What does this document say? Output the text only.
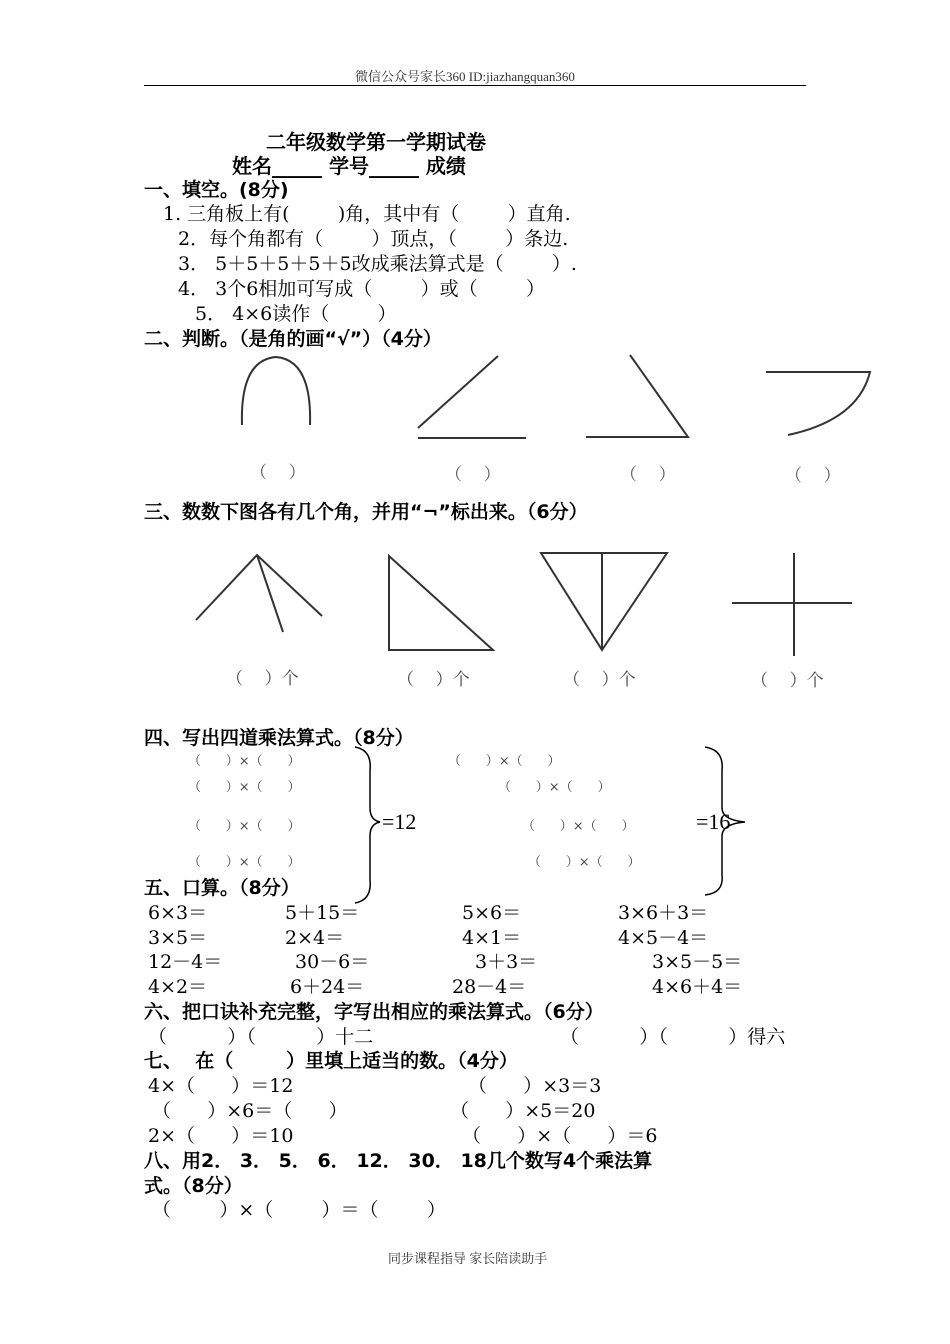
微信公众号家长360 ID:jiazhangquan360
二年级数学第一学期试卷
姓名_____ 学号_____ 成绩
一、填空。(8分)
1. 三角板上有(        )角，其中有（        ）直角.
2．每个角都有（        ）顶点，（        ）条边.
3． 5＋5＋5＋5＋5改成乘法算式是（        ）.
4． 3个6相加可写成（        ）或（        ）
5． 4×6读作（        ）
二、判断。（是角的画“√”）（4分）
（    ）	（    ）	（    ）	（    ）
三、数数下图各有几个角，并用“¬”标出来。（6分）
（    ）个	（    ）个	（    ）个	（    ）个
四、写出四道乘法算式。（8分）
（      ）×（      ）
（      ）×（      ）
（      ）×（      ）
（      ）×（      ）
=12
（      ）×（      ）
（      ）×（      ）
（      ）×（      ）
（      ）×（      ）
=16
五、口算。（8分）
6×3＝	5＋15＝	5×6＝	3×6＋3＝
3×5＝	2×4＝	4×1＝	4×5－4＝
12－4＝	30－6＝	3＋3＝	3×5－5＝
4×2＝	6＋24＝	28－4＝	4×6＋4＝
六、把口诀补充完整，字写出相应的乘法算式。（6分）
（          ）（          ）十二	（          ）（          ）得六
七、  在（        ）里填上适当的数。（4分）
4×（      ）＝12	（      ）×3＝3
（      ）×6＝（      ）	（      ）×5＝20
2×（      ）＝10	（      ）×（      ）＝6
八、用2． 3． 5． 6． 12． 30． 18几个数写4个乘法算
式。（8分）
（        ）×（        ）＝（        ）
同步课程指导 家长陪读助手
